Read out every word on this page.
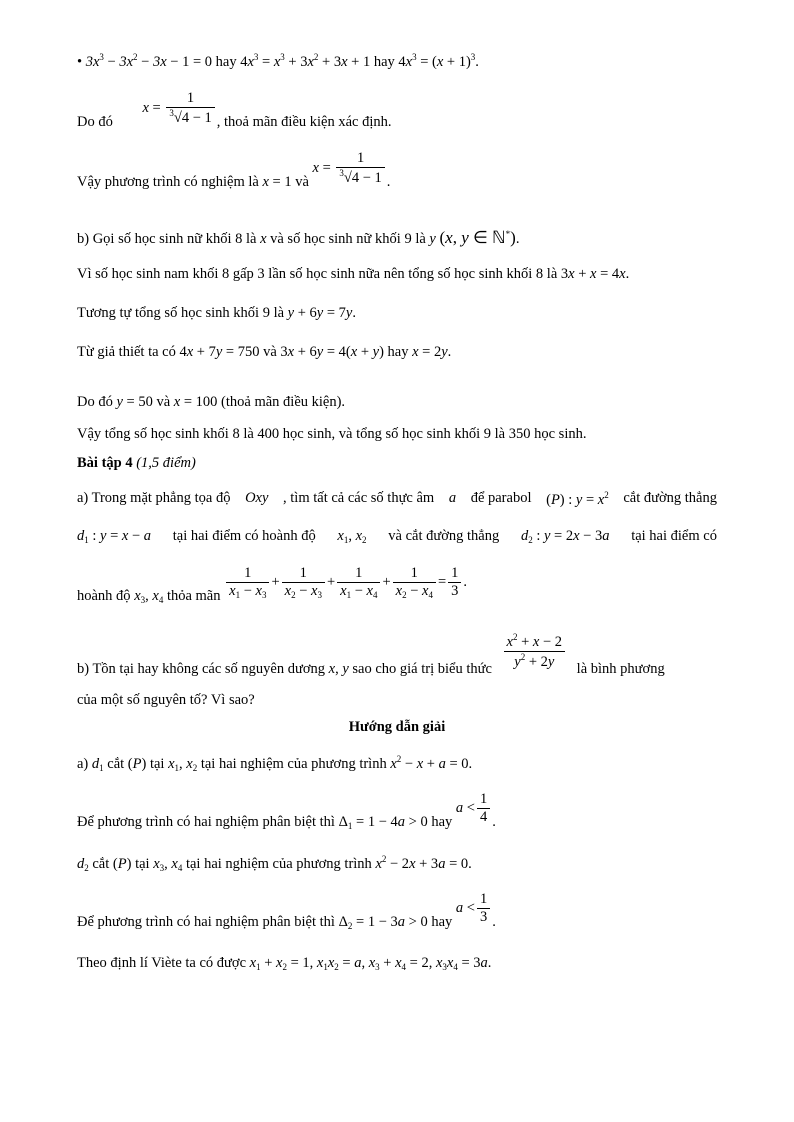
• $3x^3 - 3x^2 - 3x - 1 = 0$ hay $4x^3 = x^3 + 3x^2 + 3x + 1$ hay $4x^3 = (x + 1)^3$.
Do đó $x = \frac{1}{^3√4 - 1}$ , thoả mãn điều kiện xác định.
Vậy phương trình có nghiệm là x = 1 và $x = \frac{1}{^3√4 - 1}$ .
b) Gọi số học sinh nữ khối 8 là x và số học sinh nữ khối 9 là y (x, y ∈ ℕ*).
Vì số học sinh nam khối 8 gấp 3 lần số học sinh nữa nên tổng số học sinh khối 8 là 3x + x = 4x.
Tương tự tổng số học sinh khối 9 là y + 6y = 7y.
Từ giả thiết ta có 4x + 7y = 750 và 3x + 6y = 4(x + y) hay x = 2y.
Do đó y = 50 và x = 100 (thoả mãn điều kiện).
Vậy tổng số học sinh khối 8 là 400 học sinh, và tổng số học sinh khối 9 là 350 học sinh.
Bài tập 4 (1,5 điểm)
a) Trong mặt phẳng tọa độ Oxy , tìm tất cả các số thực âm a để parabol (P) : $y = x^2$ cắt đường thẳng
$d_1$ : y = x − a tại hai điểm có hoành độ $x_1$, $x_2$ và cắt đường thẳng $d_2$ : y = 2x − 3a tại hai điểm có
hoành độ $x_3$, $x_4$ thỏa mãn $\frac{1}{x_1 - x_3} + \frac{1}{x_2 - x_3} + \frac{1}{x_1 - x_4} + \frac{1}{x_2 - x_4} = \frac{1}{3}$ .
b) Tồn tại hay không các số nguyên dương x, y sao cho giá trị biểu thức $\frac{x^2 + x - 2}{y^2 + 2y}$ là bình phương
của một số nguyên tố? Vì sao?
Hướng dẫn giải
a) $d_1$ cắt (P) tại $x_1$, $x_2$ tại hai nghiệm của phương trình $x^2 - x + a = 0$.
Để phương trình có hai nghiệm phân biệt thì $\Delta_1 = 1 - 4a > 0$ hay $a < \frac{1}{4}$ .
$d_2$ cắt (P) tại $x_3$, $x_4$ tại hai nghiệm của phương trình $x^2 - 2x + 3a = 0$.
Để phương trình có hai nghiệm phân biệt thì $\Delta_2 = 1 - 3a > 0$ hay $a < \frac{1}{3}$ .
Theo định lí Viète ta có được $x_1 + x_2 = 1$, $x_1x_2 = a$, $x_3 + x_4 = 2$, $x_3x_4 = 3a$.
